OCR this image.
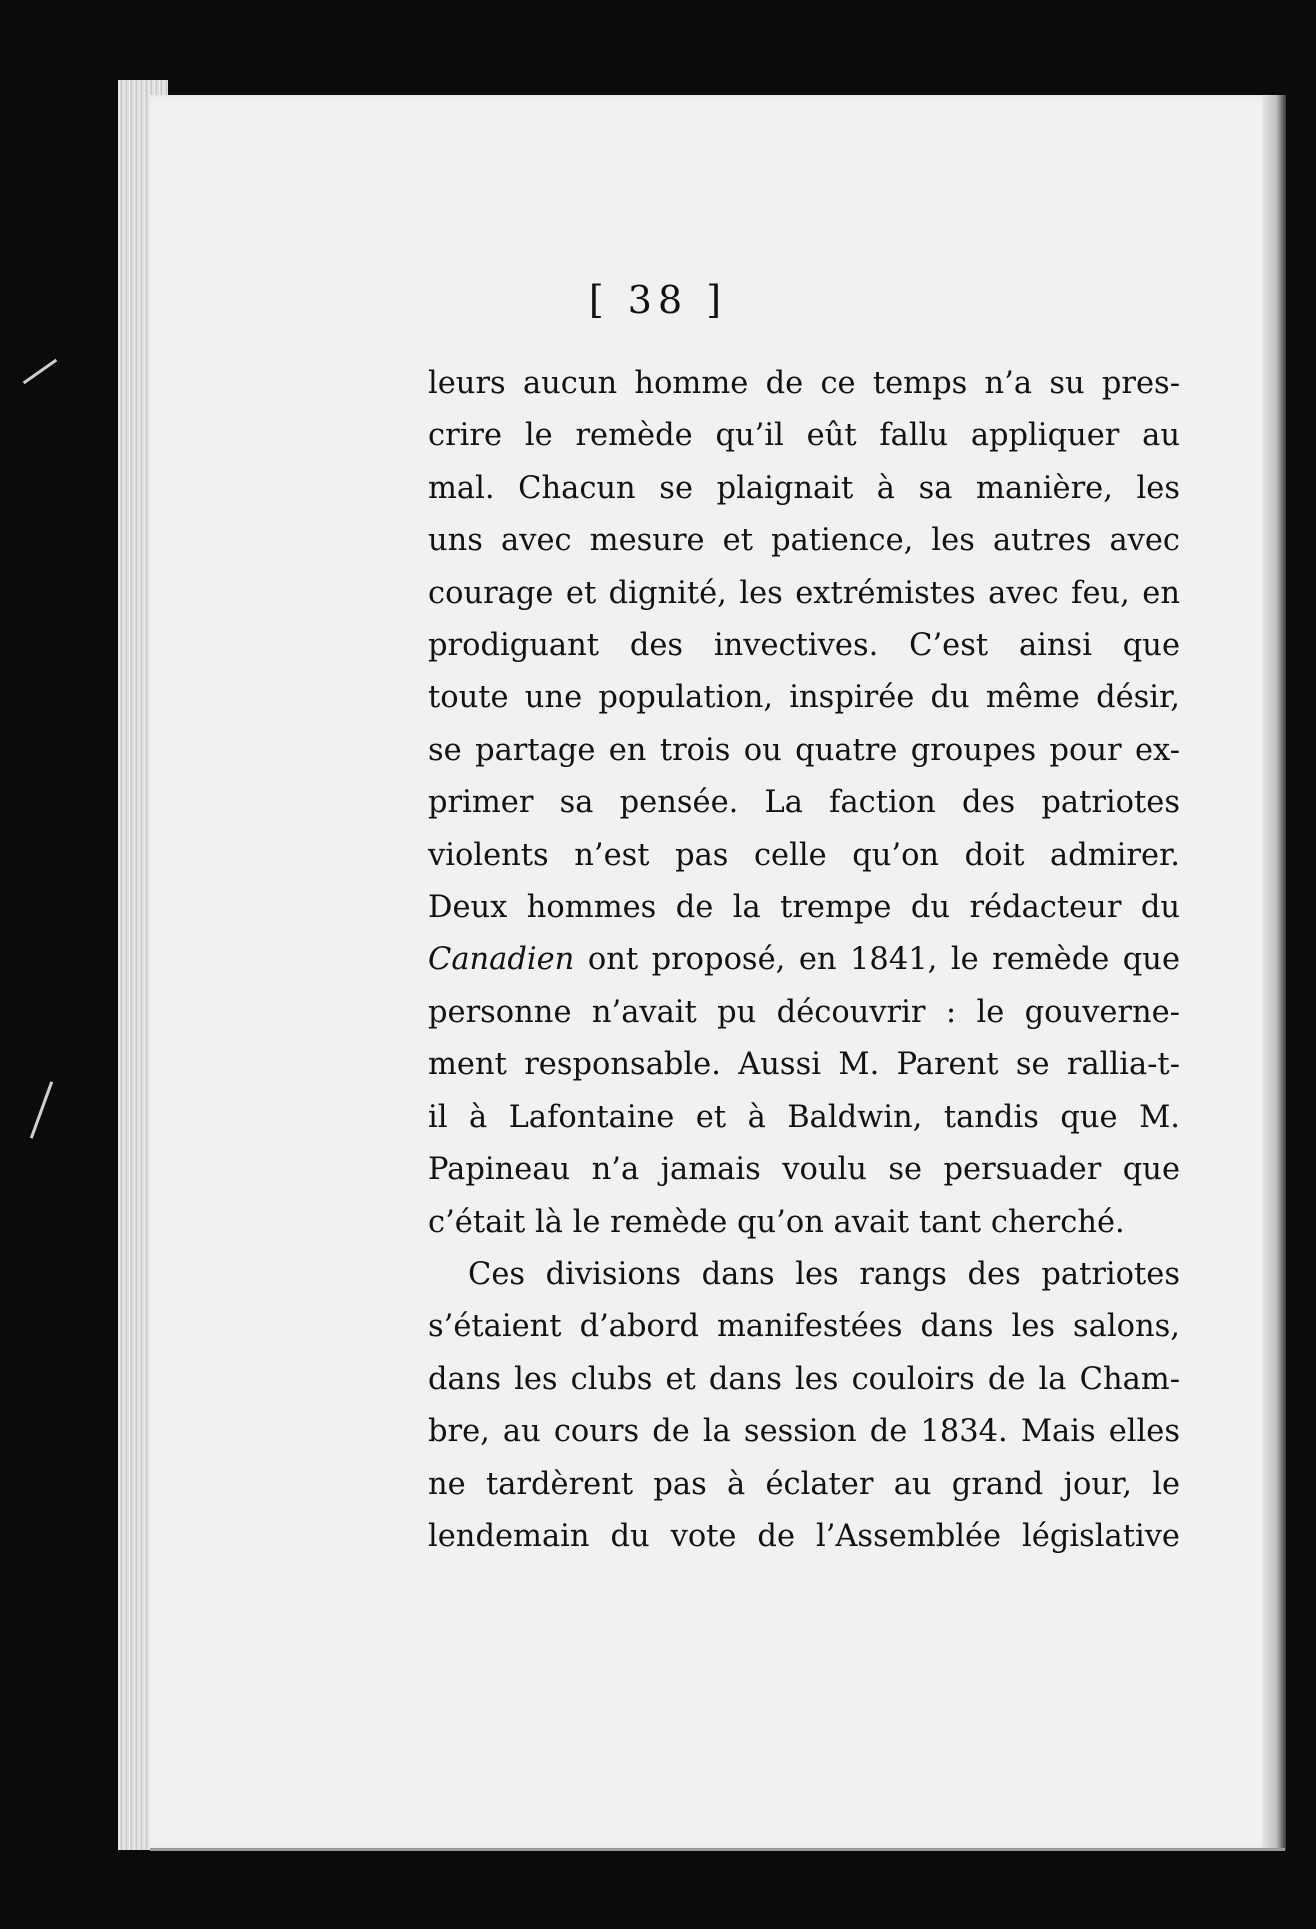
[ 38 ]
leurs aucun homme de ce temps n’a su pres-
crire le remède qu’il eût fallu appliquer au
mal. Chacun se plaignait à sa manière, les
uns avec mesure et patience, les autres avec
courage et dignité, les extrémistes avec feu, en
prodiguant des invectives. C’est ainsi que
toute une population, inspirée du même désir,
se partage en trois ou quatre groupes pour ex-
primer sa pensée. La faction des patriotes
violents n’est pas celle qu’on doit admirer.
Deux hommes de la trempe du rédacteur du
Canadien ont proposé, en 1841, le remède que
personne n’avait pu découvrir : le gouverne-
ment responsable. Aussi M. Parent se rallia-t-
il à Lafontaine et à Baldwin, tandis que M.
Papineau n’a jamais voulu se persuader que
c’était là le remède qu’on avait tant cherché.
Ces divisions dans les rangs des patriotes
s’étaient d’abord manifestées dans les salons,
dans les clubs et dans les couloirs de la Cham-
bre, au cours de la session de 1834. Mais elles
ne tardèrent pas à éclater au grand jour, le
lendemain du vote de l’Assemblée législative
